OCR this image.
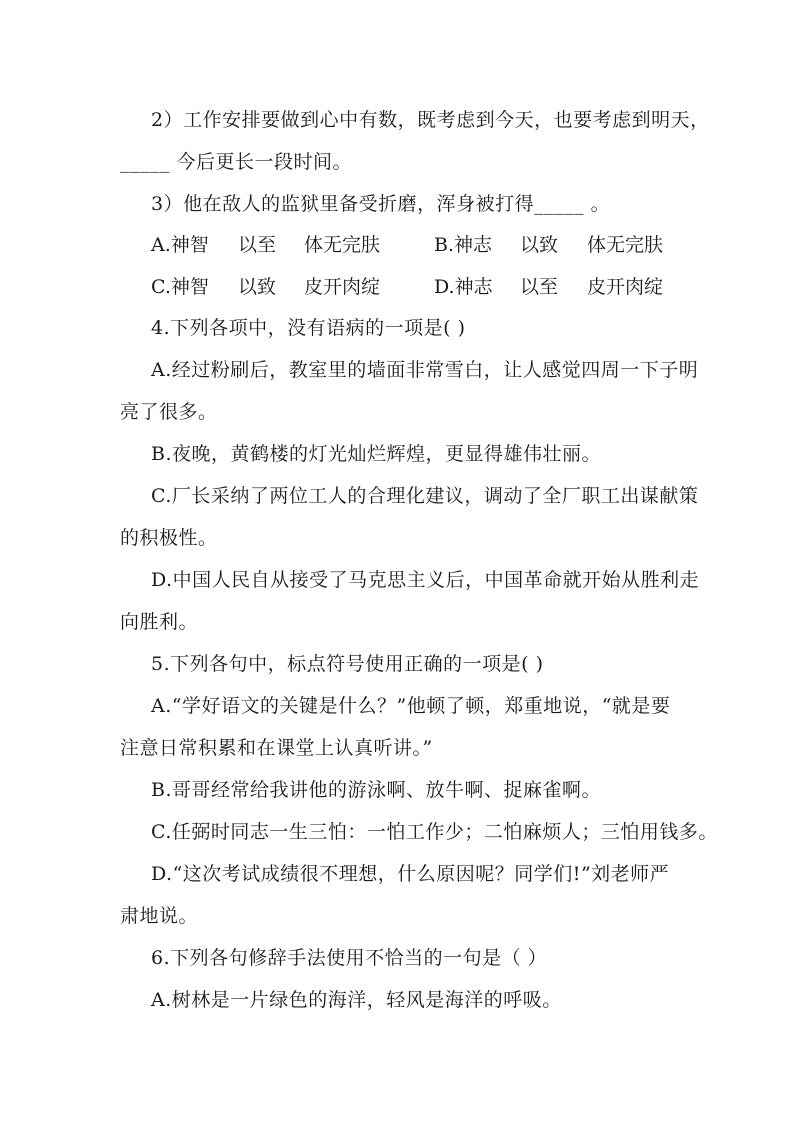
2）工作安排要做到心中有数，既考虑到今天，也要考虑到明天，
_____ 今后更长一段时间。
3）他在敌人的监狱里备受折磨，浑身被打得_____ 。
A.神智 以至 体无完肤	B.神志 以致 体无完肤
C.神智 以致 皮开肉绽	D.神志 以至 皮开肉绽
4.下列各项中，没有语病的一项是( )
A.经过粉刷后，教室里的墙面非常雪白，让人感觉四周一下子明
亮了很多。
B.夜晚，黄鹤楼的灯光灿烂辉煌，更显得雄伟壮丽。
C.厂长采纳了两位工人的合理化建议，调动了全厂职工出谋献策
的积极性。
D.中国人民自从接受了马克思主义后，中国革命就开始从胜利走
向胜利。
5.下列各句中，标点符号使用正确的一项是( )
A.“学好语文的关键是什么？”他顿了顿，郑重地说，“就是要
注意日常积累和在课堂上认真听讲。”
B.哥哥经常给我讲他的游泳啊、放牛啊、捉麻雀啊。
C.任弼时同志一生三怕：一怕工作少；二怕麻烦人；三怕用钱多。
D.“这次考试成绩很不理想，什么原因呢？同学们!”刘老师严
肃地说。
6.下列各句修辞手法使用不恰当的一句是（ ）
A.树林是一片绿色的海洋，轻风是海洋的呼吸。
